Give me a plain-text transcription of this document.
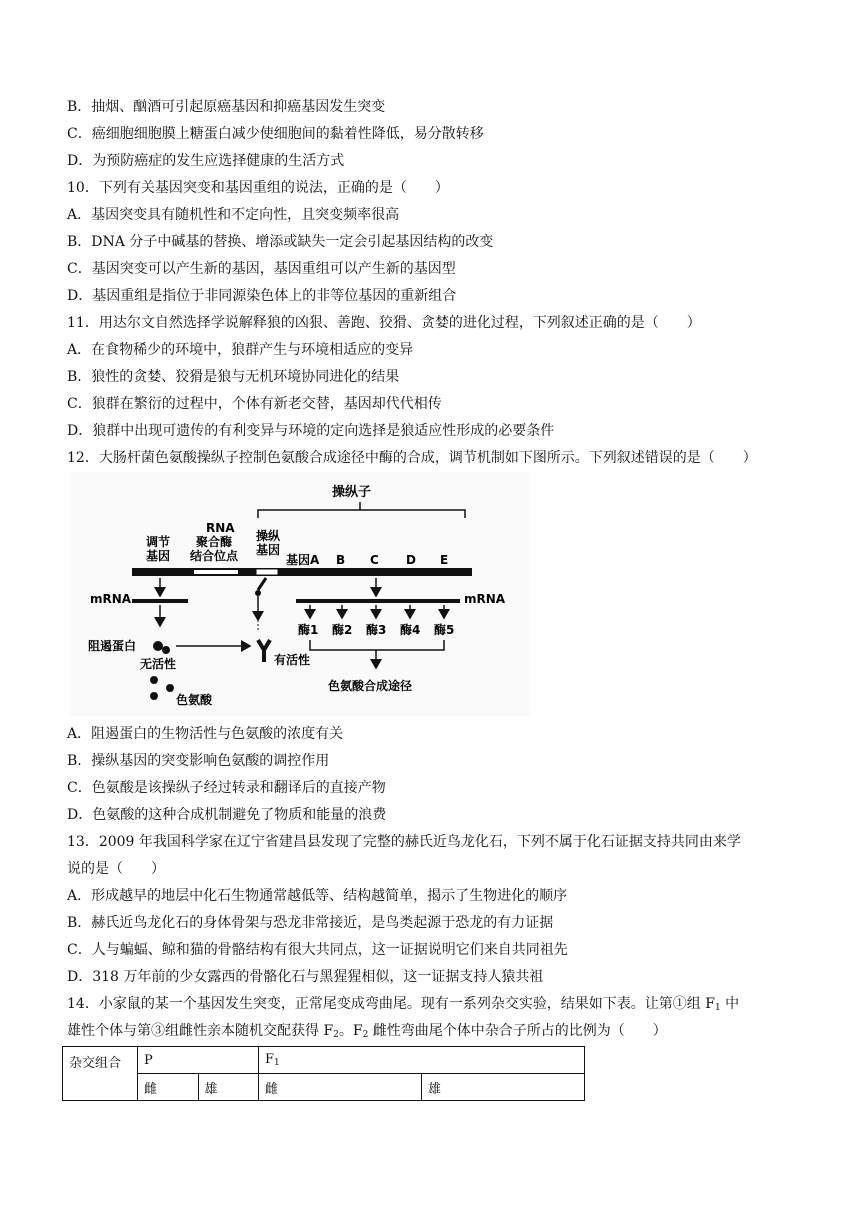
B．抽烟、酗酒可引起原癌基因和抑癌基因发生突变
C．癌细胞细胞膜上糖蛋白减少使细胞间的黏着性降低，易分散转移
D．为预防癌症的发生应选择健康的生活方式
10．下列有关基因突变和基因重组的说法，正确的是（　　）
A．基因突变具有随机性和不定向性，且突变频率很高
B．DNA 分子中碱基的替换、增添或缺失一定会引起基因结构的改变
C．基因突变可以产生新的基因，基因重组可以产生新的基因型
D．基因重组是指位于非同源染色体上的非等位基因的重新组合
11．用达尔文自然选择学说解释狼的凶狠、善跑、狡猾、贪婪的进化过程，下列叙述正确的是（　　）
A．在食物稀少的环境中，狼群产生与环境相适应的变异
B．狼性的贪婪、狡猾是狼与无机环境协同进化的结果
C．狼群在繁衍的过程中，个体有新老交替，基因却代代相传
D．狼群中出现可遗传的有利变异与环境的定向选择是狼适应性形成的必要条件
12．大肠杆菌色氨酸操纵子控制色氨酸合成途径中酶的合成，调节机制如下图所示。下列叙述错误的是（　　）
操纵子
调节
基因
RNA
聚合酶
结合位点
操纵
基因
基因A B C D E
mRNA
阻遏蛋白
无活性
色氨酸
有活性
mRNA
酶1 酶2 酶3 酶4 酶5
色氨酸合成途径
A．阻遏蛋白的生物活性与色氨酸的浓度有关
B．操纵基因的突变影响色氨酸的调控作用
C．色氨酸是该操纵子经过转录和翻译后的直接产物
D．色氨酸的这种合成机制避免了物质和能量的浪费
13．2009 年我国科学家在辽宁省建昌县发现了完整的赫氏近鸟龙化石，下列不属于化石证据支持共同由来学
说的是（　　）
A．形成越早的地层中化石生物通常越低等、结构越简单，揭示了生物进化的顺序
B．赫氏近鸟龙化石的身体骨架与恐龙非常接近，是鸟类起源于恐龙的有力证据
C．人与蝙蝠、鲸和猫的骨骼结构有很大共同点，这一证据说明它们来自共同祖先
D．318 万年前的少女露西的骨骼化石与黑猩猩相似，这一证据支持人猿共祖
14．小家鼠的某一个基因发生突变，正常尾变成弯曲尾。现有一系列杂交实验，结果如下表。让第①组 $F_1$ 中
雄性个体与第③组雌性亲本随机交配获得 $F_2$。$F_2$ 雌性弯曲尾个体中杂合子所占的比例为（　　）
杂交组合	P		$F_1$
	雌	雄	雌	雄
